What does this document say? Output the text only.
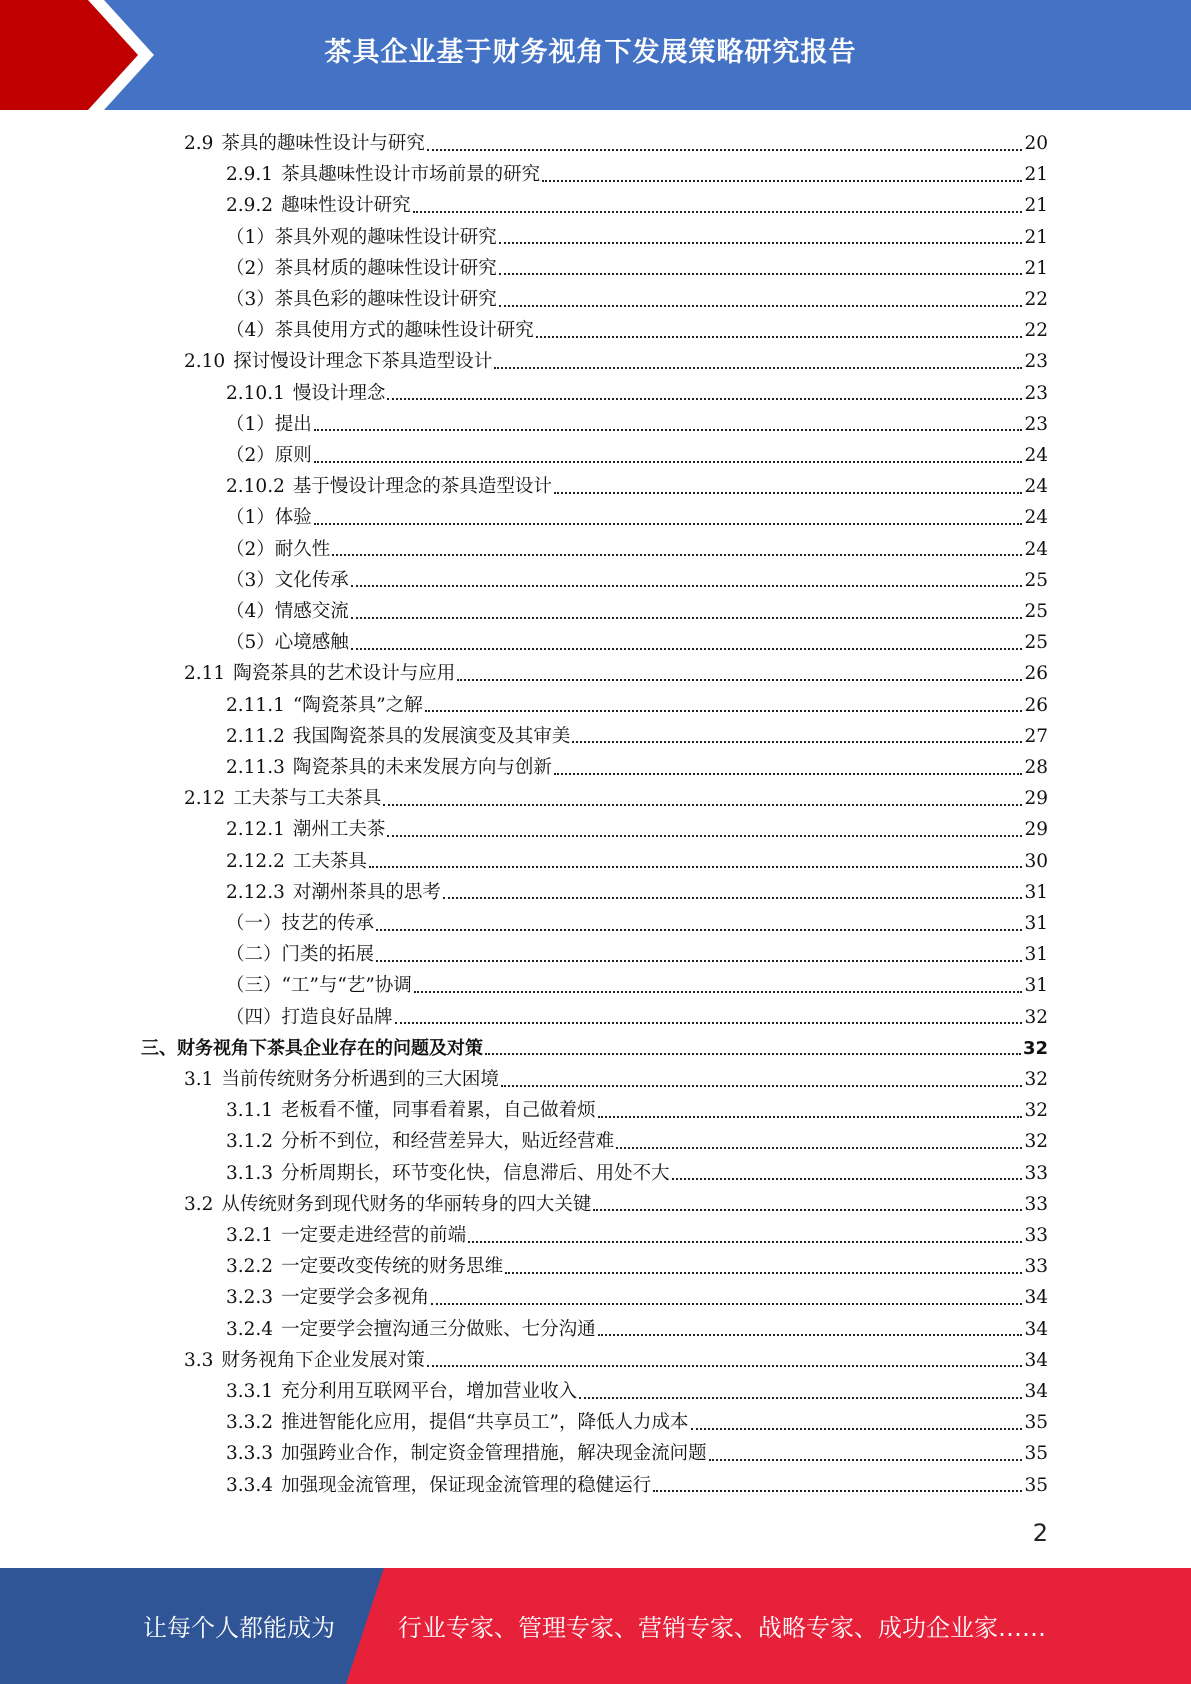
茶具企业基于财务视角下发展策略研究报告
2.9 茶具的趣味性设计与研究	20
2.9.1 茶具趣味性设计市场前景的研究	21
2.9.2 趣味性设计研究	21
（1） 茶具外观的趣味性设计研究	21
（2） 茶具材质的趣味性设计研究	21
（3） 茶具色彩的趣味性设计研究	22
（4） 茶具使用方式的趣味性设计研究	22
2.10 探讨慢设计理念下茶具造型设计	23
2.10.1 慢设计理念	23
（1） 提出	23
（2） 原则	24
2.10.2 基于慢设计理念的茶具造型设计	24
（1） 体验	24
（2） 耐久性	24
（3） 文化传承	25
（4） 情感交流	25
（5） 心境感触	25
2.11 陶瓷茶具的艺术设计与应用	26
2.11.1 “陶瓷茶具”之解	26
2.11.2 我国陶瓷茶具的发展演变及其审美	27
2.11.3 陶瓷茶具的未来发展方向与创新	28
2.12 工夫茶与工夫茶具	29
2.12.1 潮州工夫茶	29
2.12.2 工夫茶具	30
2.12.3 对潮州茶具的思考	31
（一） 技艺的传承	31
（二） 门类的拓展	31
（三） “工”与“艺”协调	31
（四） 打造良好品牌	32
三、财务视角下茶具企业存在的问题及对策	32
3.1 当前传统财务分析遇到的三大困境	32
3.1.1 老板看不懂，同事看着累，自己做着烦	32
3.1.2 分析不到位，和经营差异大，贴近经营难	32
3.1.3 分析周期长，环节变化快，信息滞后、用处不大	33
3.2 从传统财务到现代财务的华丽转身的四大关键	33
3.2.1 一定要走进经营的前端	33
3.2.2 一定要改变传统的财务思维	33
3.2.3 一定要学会多视角	34
3.2.4 一定要学会擅沟通三分做账、七分沟通	34
3.3 财务视角下企业发展对策	34
3.3.1 充分利用互联网平台，增加营业收入	34
3.3.2 推进智能化应用，提倡“共享员工”，降低人力成本	35
3.3.3 加强跨业合作，制定资金管理措施，解决现金流问题	35
3.3.4 加强现金流管理，保证现金流管理的稳健运行	35
2
让每个人都能成为	行业专家、管理专家、营销专家、战略专家、成功企业家……
